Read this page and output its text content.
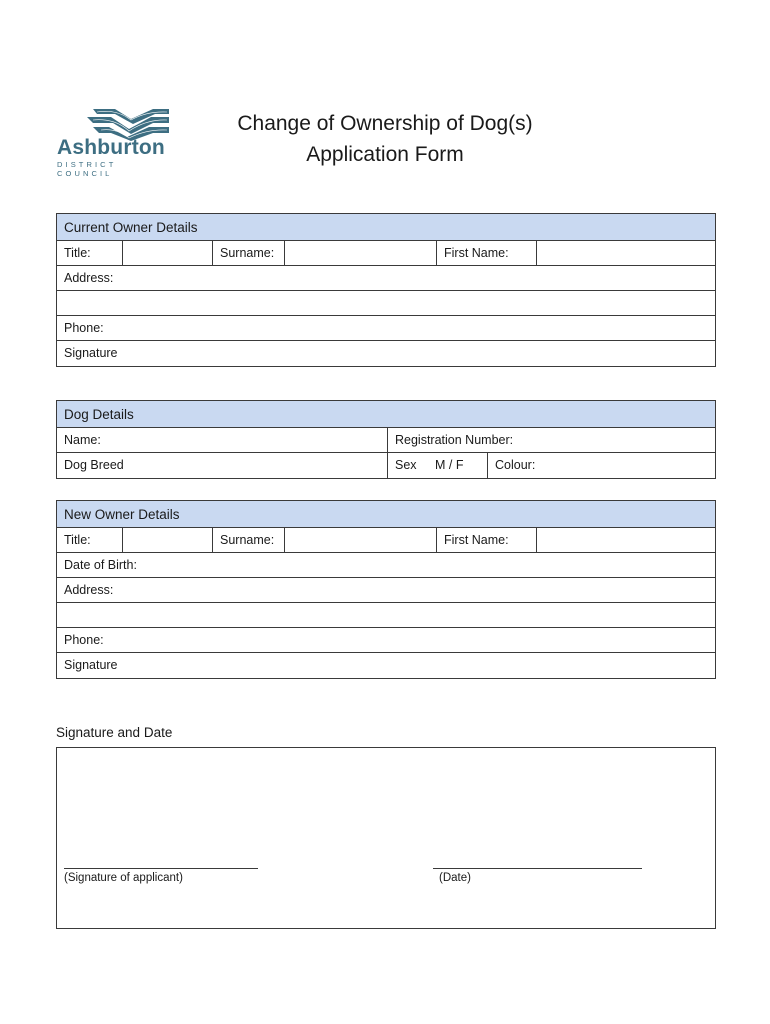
Ashburton
DISTRICT COUNCIL
Change of Ownership of Dog(s)
Application Form
Current Owner Details
Title:	Surname:	First Name:
Address:
Phone:
Signature
Dog Details
Name:	Registration Number:
Dog Breed	Sex	M / F	Colour:
New Owner Details
Title:	Surname:	First Name:
Date of Birth:
Address:
Phone:
Signature
Signature and Date
(Signature of applicant)	(Date)
